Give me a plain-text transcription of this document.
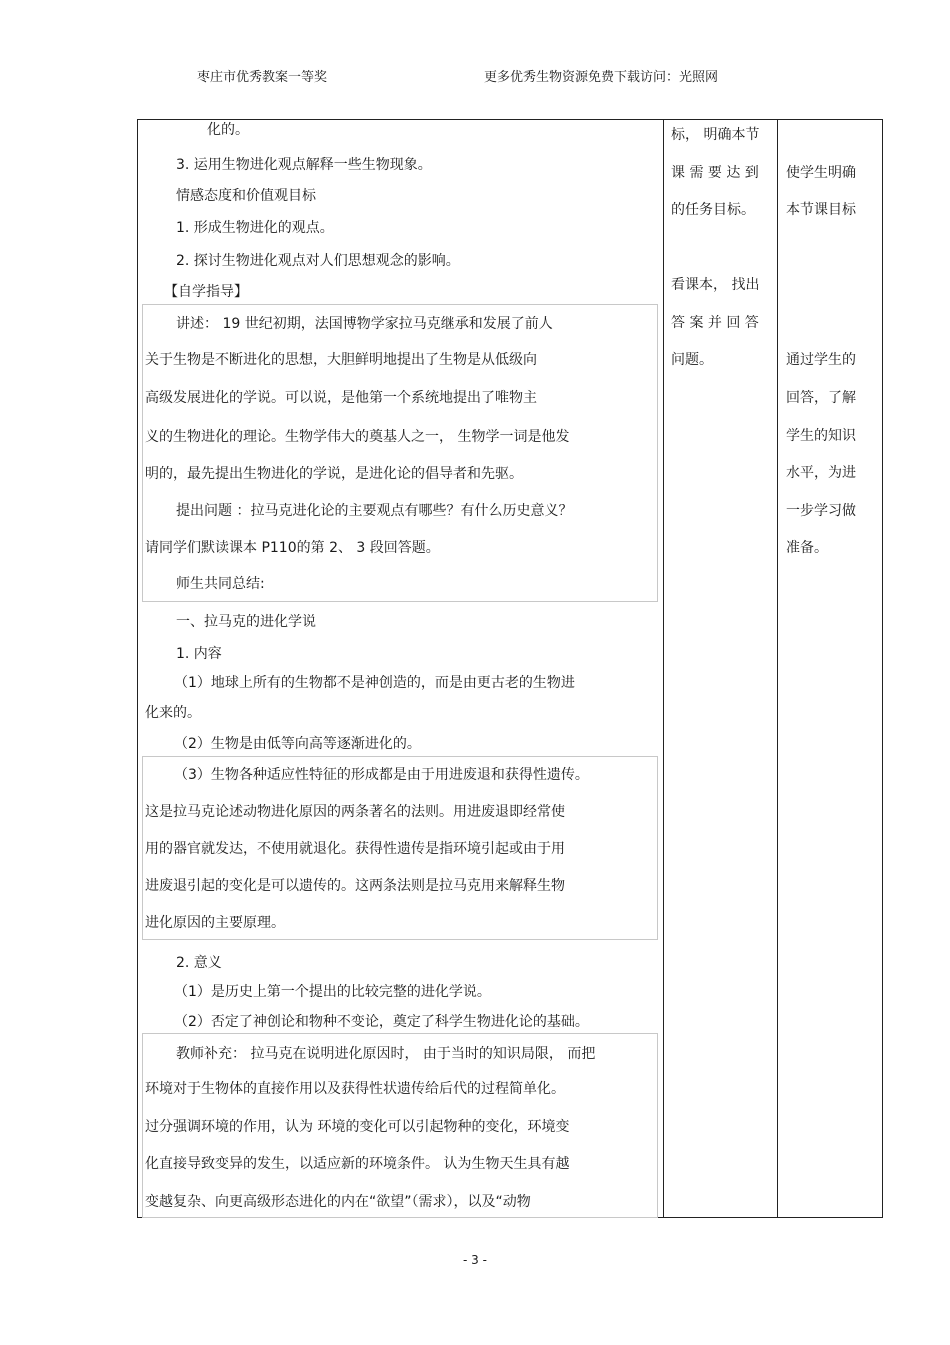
枣庄市优秀教案一等奖	更多优秀生物资源免费下载访问：光照网
化的。
3. 运用生物进化观点解释一些生物现象。
情感态度和价值观目标
1. 形成生物进化的观点。
2. 探讨生物进化观点对人们思想观念的影响。
【自学指导】
讲述： 19 世纪初期，法国博物学家拉马克继承和发展了前人
关于生物是不断进化的思想，大胆鲜明地提出了生物是从低级向
高级发展进化的学说。可以说，是他第一个系统地提出了唯物主
义的生物进化的理论。生物学伟大的奠基人之一， 生物学一词是他发
明的，最先提出生物进化的学说，是进化论的倡导者和先驱。
提出问题 ：拉马克进化论的主要观点有哪些？有什么历史意义？
请同学们默读课本 P110的第 2、 3 段回答题。
师生共同总结:
一、拉马克的进化学说
1. 内容
（1）地球上所有的生物都不是神创造的，而是由更古老的生物进
化来的。
（2）生物是由低等向高等逐渐进化的。
（3）生物各种适应性特征的形成都是由于用进废退和获得性遗传。
这是拉马克论述动物进化原因的两条著名的法则。用进废退即经常使
用的器官就发达，不使用就退化。获得性遗传是指环境引起或由于用
进废退引起的变化是可以遗传的。这两条法则是拉马克用来解释生物
进化原因的主要原理。
2. 意义
（1）是历史上第一个提出的比较完整的进化学说。
（2）否定了神创论和物种不变论，奠定了科学生物进化论的基础。
教师补充： 拉马克在说明进化原因时， 由于当时的知识局限， 而把
环境对于生物体的直接作用以及获得性状遗传给后代的过程简单化。
过分强调环境的作用，认为 环境的变化可以引起物种的变化，环境变
化直接导致变异的发生，以适应新的环境条件。 认为生物天生具有越
变越复杂、向更高级形态进化的内在“欲望”（需求），以及“动物
标， 明确本节
课 需 要 达 到
的任务目标。
看课本， 找出
答 案 并 回 答
问题。
使学生明确
本节课目标
通过学生的
回答，了解
学生的知识
水平，为进
一步学习做
准备。
- 3 -
